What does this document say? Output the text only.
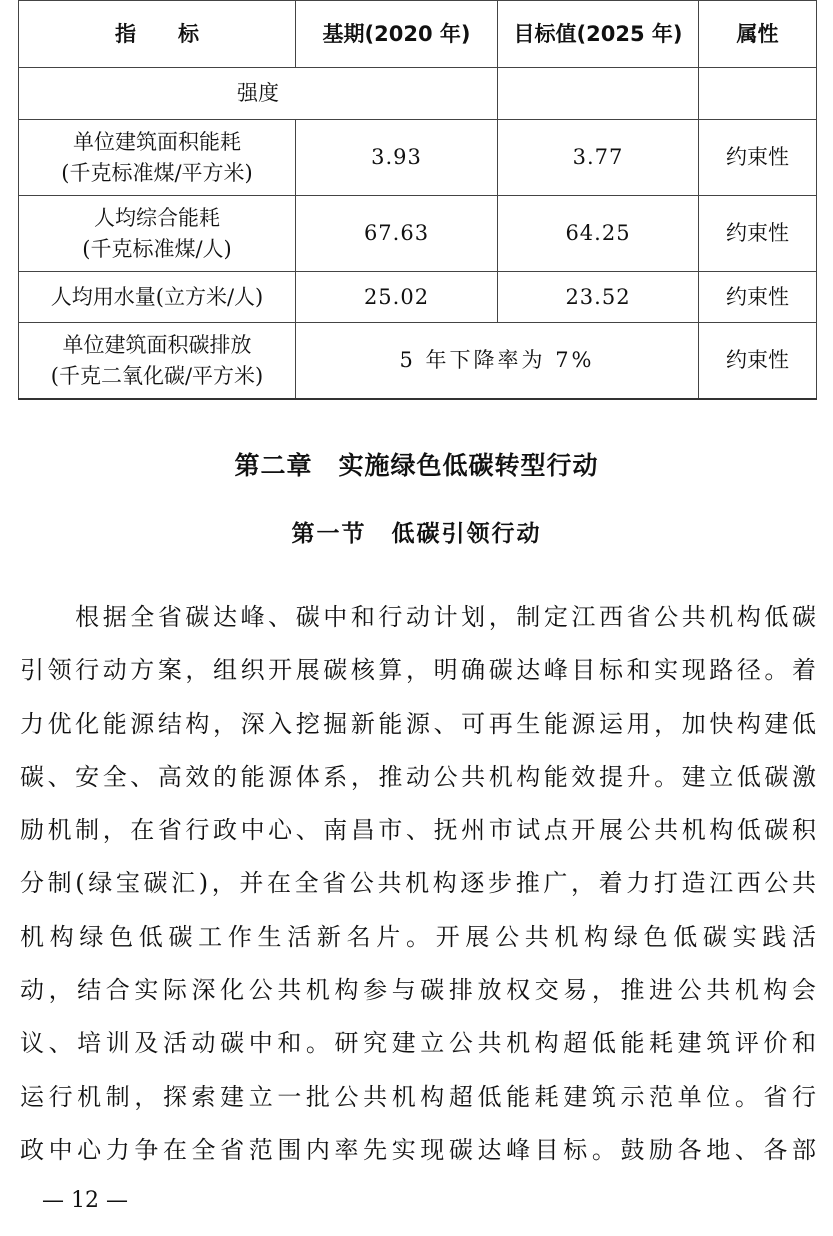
指　　标	基期(2020 年)	目标值(2025 年)	属性
强度			

单位建筑面积能耗
(千克标准煤/平方米)	3.93	3.77	约束性

人均综合能耗
(千克标准煤/人)	67.63	64.25	约束性
人均用水量(立方米/人)	25.02	23.52	约束性

单位建筑面积碳排放
(千克二氧化碳/平方米)	5 年下降率为 7%		约束性
第二章　实施绿色低碳转型行动
第一节　低碳引领行动
　　根据全省碳达峰、碳中和行动计划，制定江西省公共机构低碳
引领行动方案，组织开展碳核算，明确碳达峰目标和实现路径。着
力优化能源结构，深入挖掘新能源、可再生能源运用，加快构建低
碳、安全、高效的能源体系，推动公共机构能效提升。建立低碳激
励机制，在省行政中心、南昌市、抚州市试点开展公共机构低碳积
分制(绿宝碳汇)，并在全省公共机构逐步推广，着力打造江西公共
机构绿色低碳工作生活新名片。开展公共机构绿色低碳实践活
动，结合实际深化公共机构参与碳排放权交易，推进公共机构会
议、培训及活动碳中和。研究建立公共机构超低能耗建筑评价和
运行机制，探索建立一批公共机构超低能耗建筑示范单位。省行
政中心力争在全省范围内率先实现碳达峰目标。鼓励各地、各部
— 12 —
